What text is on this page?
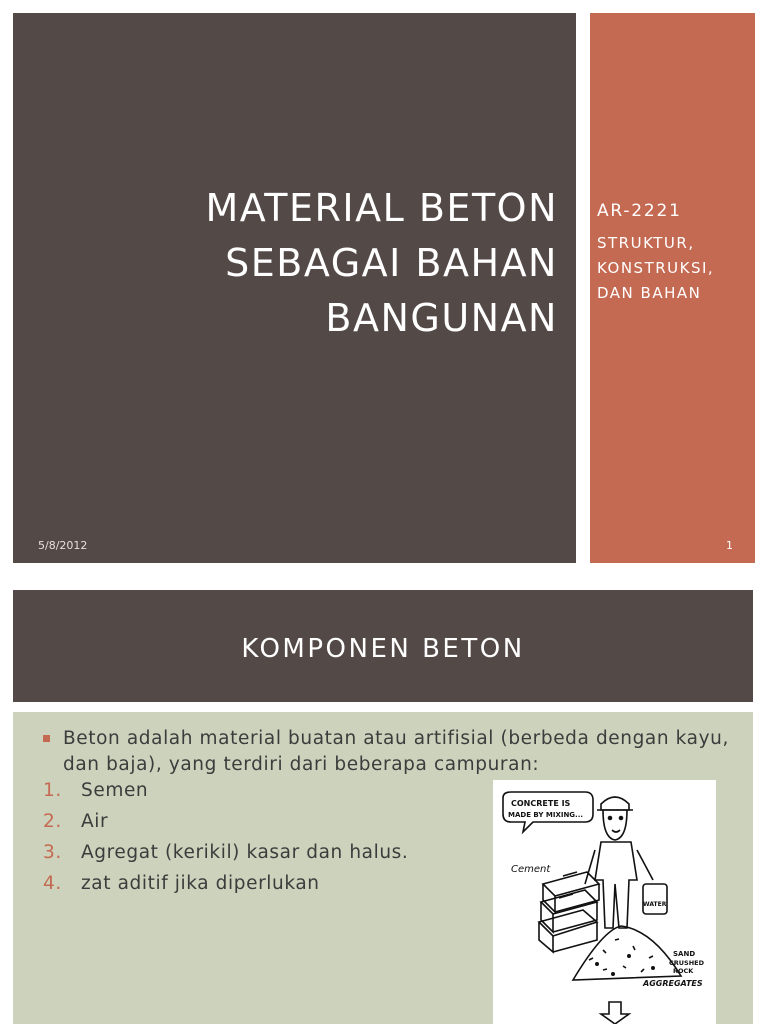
MATERIAL BETON
SEBAGAI BAHAN
BANGUNAN
5/8/2012
AR-2221
STRUKTUR,
KONSTRUKSI,
DAN BAHAN
1
KOMPONEN BETON
Beton adalah material buatan atau artifisial (berbeda dengan kayu, dan baja), yang terdiri dari beberapa campuran:
1.	Semen
2.	Air
3.	Agregat (kerikil) kasar dan halus.
4.	zat aditif jika diperlukan
CONCRETE IS
MADE BY MIXING...
WATER
Cement
SAND
CRUSHED
ROCK
AGGREGATES
